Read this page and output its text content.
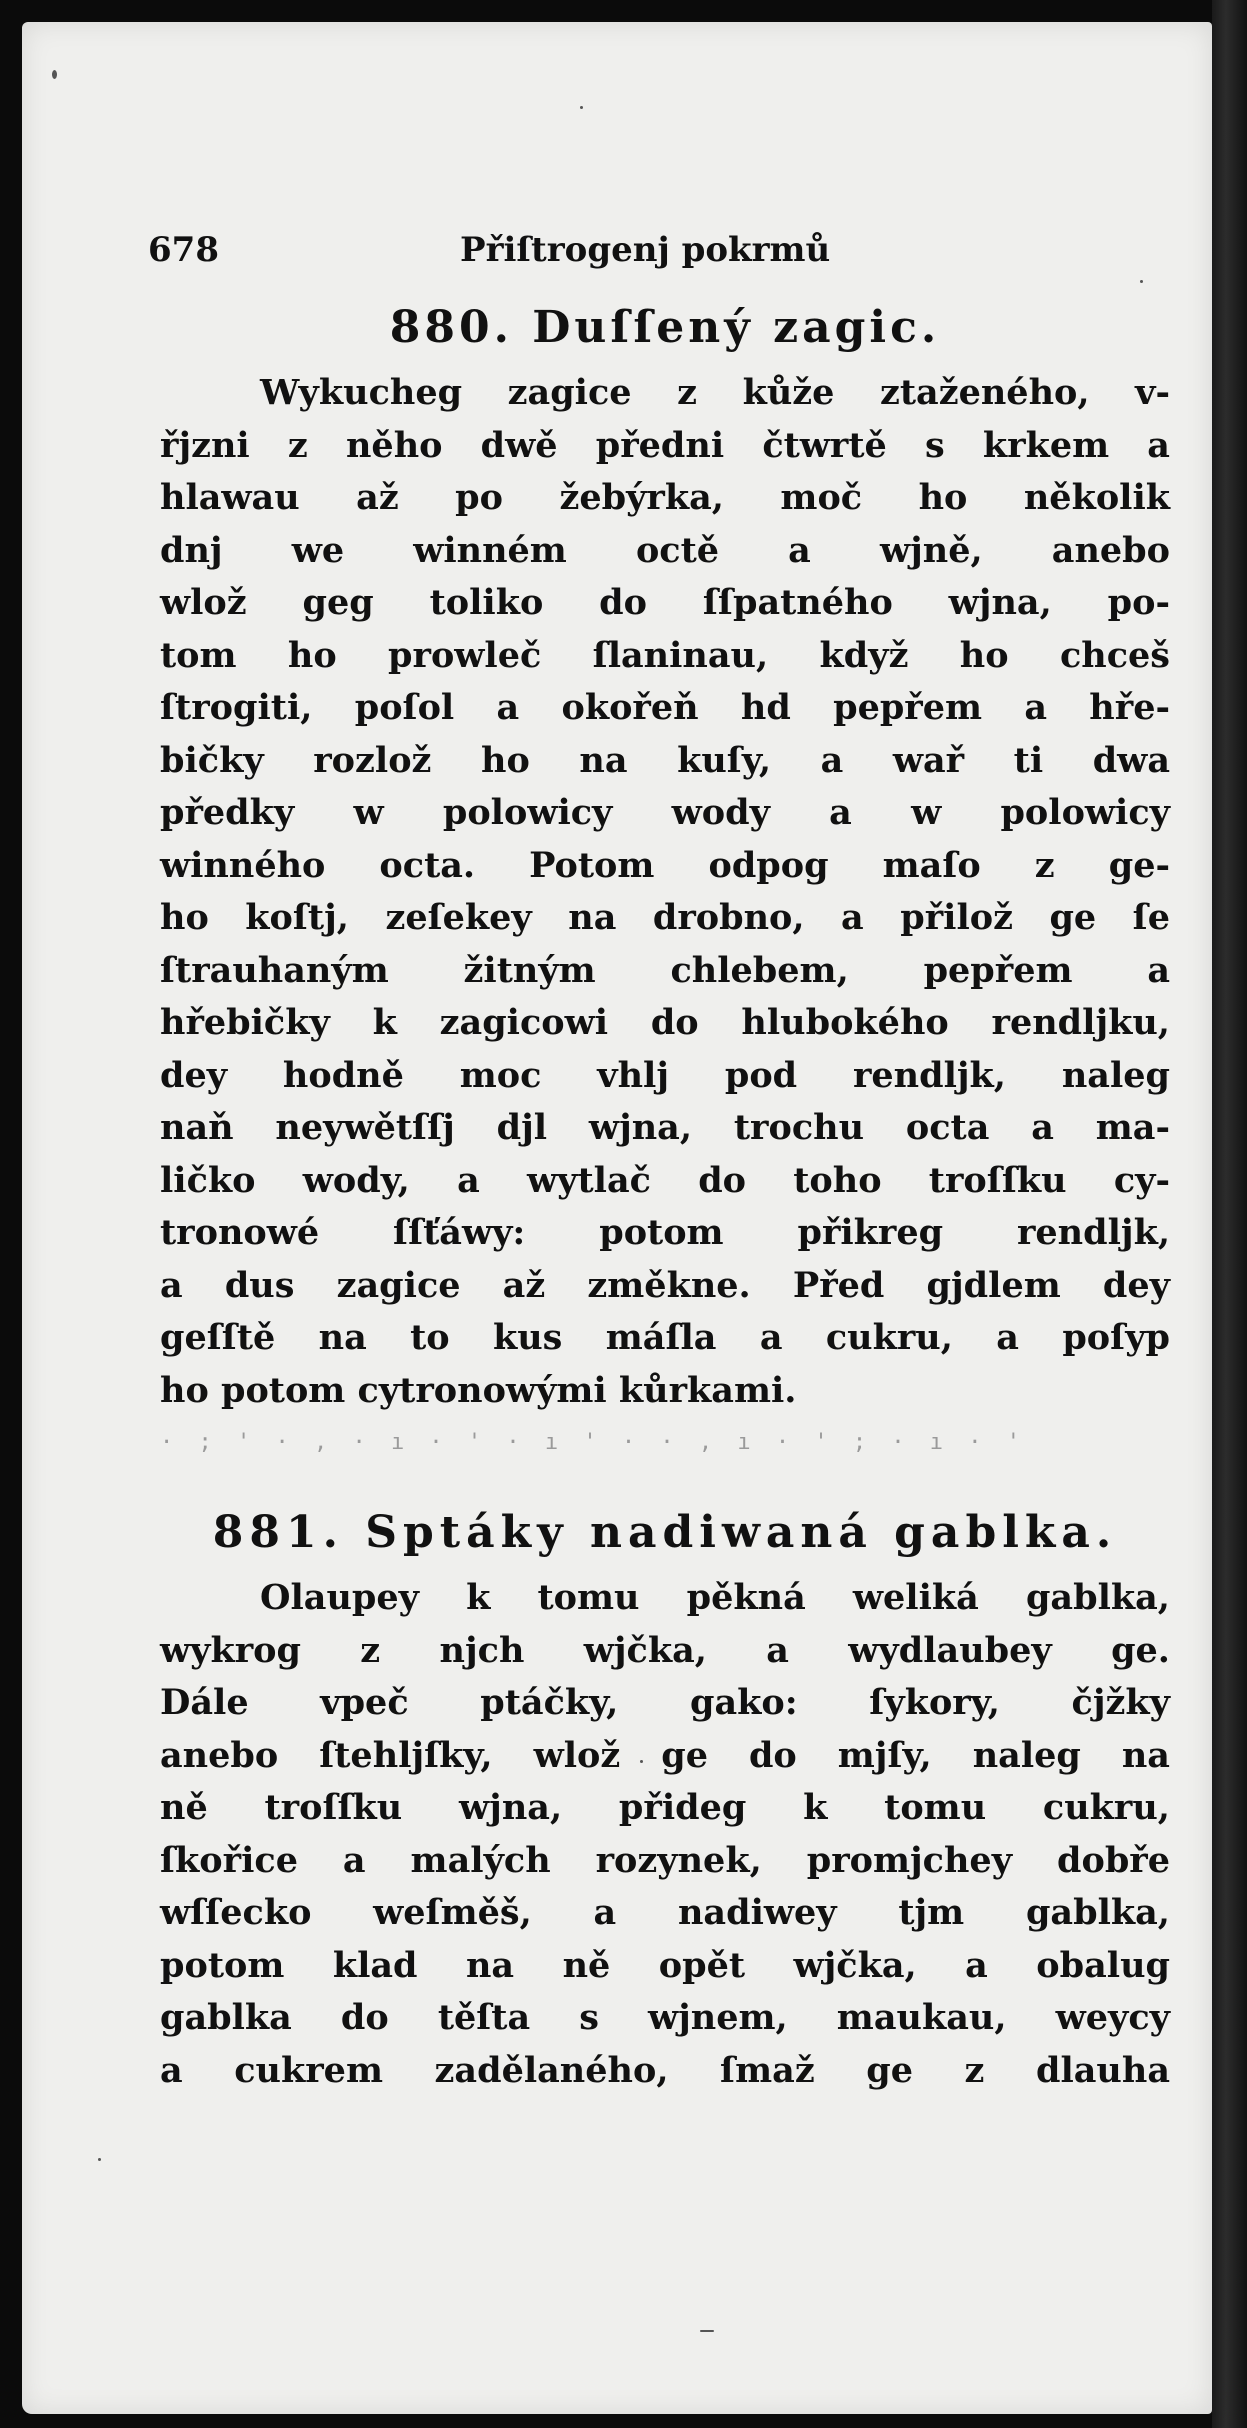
· ; ' · , · ı · ' · ı ' · · , ı · ' ; · ı · '
678	Přiſtrogenj pokrmů
880. Duſſený zagic.
Wykucheg zagice z kůže ztaženého, v-
řjzni z něho dwě předni čtwrtě s krkem a
hlawau až po žebýrka, moč ho několik
dnj we winném octě a wjně, anebo
wlož geg toliko do ſſpatného wjna, po-
tom ho prowleč ſlaninau, když ho chceš
ſtrogiti, poſol a okořeň hd pepřem a hře-
bičky rozlož ho na kuſy, a wař ti dwa
předky w polowicy wody a w polowicy
winného octa. Potom odpog maſo z ge-
ho koſtj, zeſekey na drobno, a přilož ge ſe
ſtrauhaným žitným chlebem, pepřem a
hřebičky k zagicowi do hlubokého rendljku,
dey hodně moc vhlj pod rendljk, naleg
naň neywětſſj djl wjna, trochu octa a ma-
ličko wody, a wytlač do toho troſſku cy-
tronowé ſſťáwy: potom přikreg rendljk,
a dus zagice až změkne. Před gjdlem dey
geſſtě na to kus máſla a cukru, a poſyp
ho potom cytronowými kůrkami.
881. Sptáky nadiwaná gablka.
Olaupey k tomu pěkná weliká gablka,
wykrog z njch wjčka, a wydlaubey ge.
Dále vpeč ptáčky, gako: ſykory, čjžky
anebo ſtehljſky, wlož ge do mjſy, naleg na
ně troſſku wjna, přideg k tomu cukru,
ſkořice a malých rozynek, promjchey dobře
wſſecko weſměš, a nadiwey tjm gablka,
potom klad na ně opět wjčka, a obalug
gablka do těſta s wjnem, maukau, weycy
a cukrem zadělaného, ſmaž ge z dlauha
